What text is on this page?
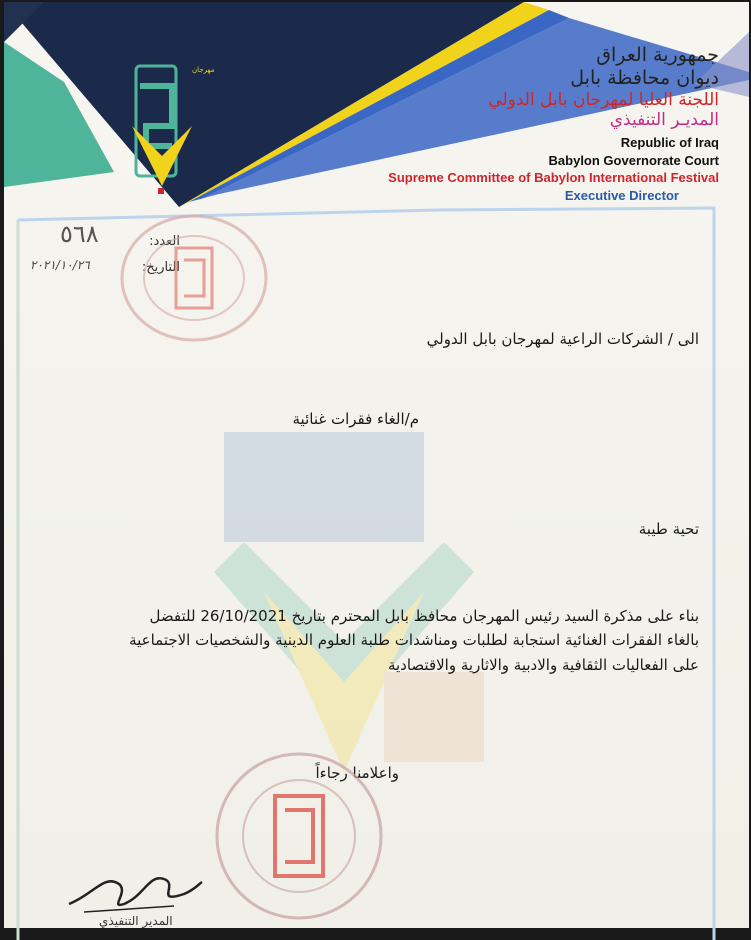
مهرجان
جمهورية العراق
ديوان محافظة بابل
اللجنة العليا لمهرجان بابل الدولي
المديـر التنفيذي
Republic of Iraq
Babylon Governorate Court
Supreme Committee of Babylon International Festival
Executive Director
٥٦٨	العدد:
٢٠٢١/١٠/٢٦	التاريخ:
الى / الشركات الراعية لمهرجان بابل الدولي
م/الغاء فقرات غنائية
تحية طيبة
بناء على مذكرة السيد رئيس المهرجان محافظ بابل المحترم بتاريخ 26/10/2021 للتفضل
بالغاء الفقرات الغنائية استجابة لطلبات ومناشدات طلبة العلوم الدينية والشخصيات الاجتماعية
على الفعاليات الثقافية والادبية والاثارية والاقتصادية
واعلامنا رجاءاً
المدير التنفيذي
